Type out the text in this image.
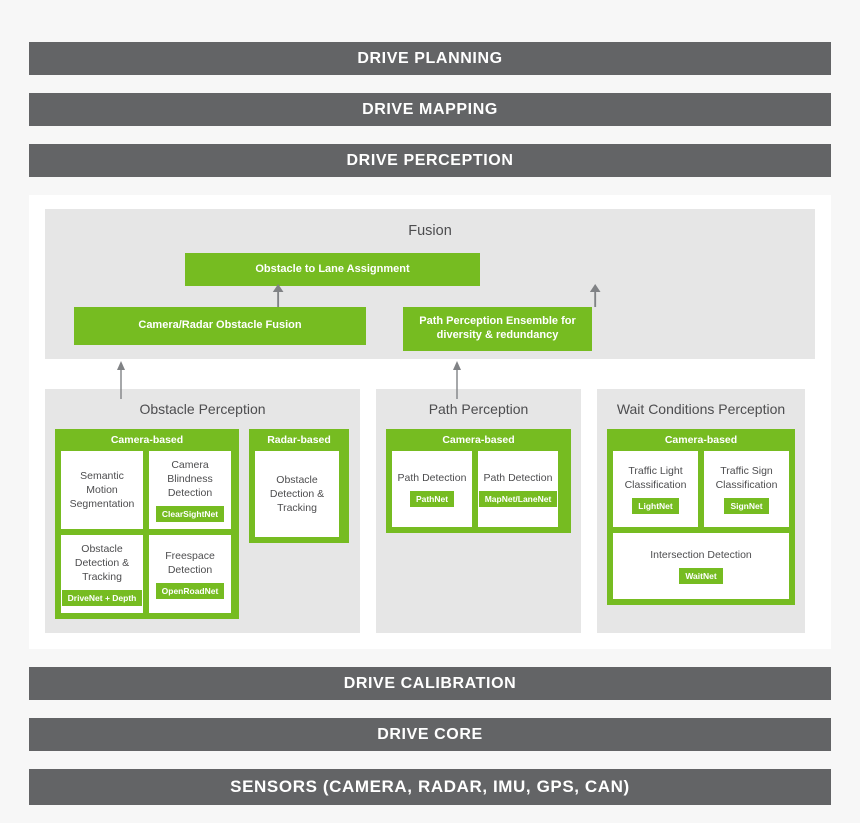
DRIVE PLANNING
DRIVE MAPPING
DRIVE PERCEPTION
Fusion
Obstacle to Lane Assignment
Camera/Radar Obstacle Fusion	Path Perception Ensemble for diversity & redundancy
Obstacle Perception
Camera-based
Semantic Motion Segmentation
Camera Blindness Detection
ClearSightNet
Obstacle Detection & Tracking
DriveNet + Depth
Freespace Detection
OpenRoadNet
Radar-based
Obstacle Detection & Tracking
Path Perception
Camera-based
Path Detection
PathNet
Path Detection
MapNet/LaneNet
Wait Conditions Perception
Camera-based
Traffic Light Classification
LightNet
Traffic Sign Classification
SignNet
Intersection Detection
WaitNet
DRIVE CALIBRATION
DRIVE CORE
SENSORS (CAMERA, RADAR, IMU, GPS, CAN)
